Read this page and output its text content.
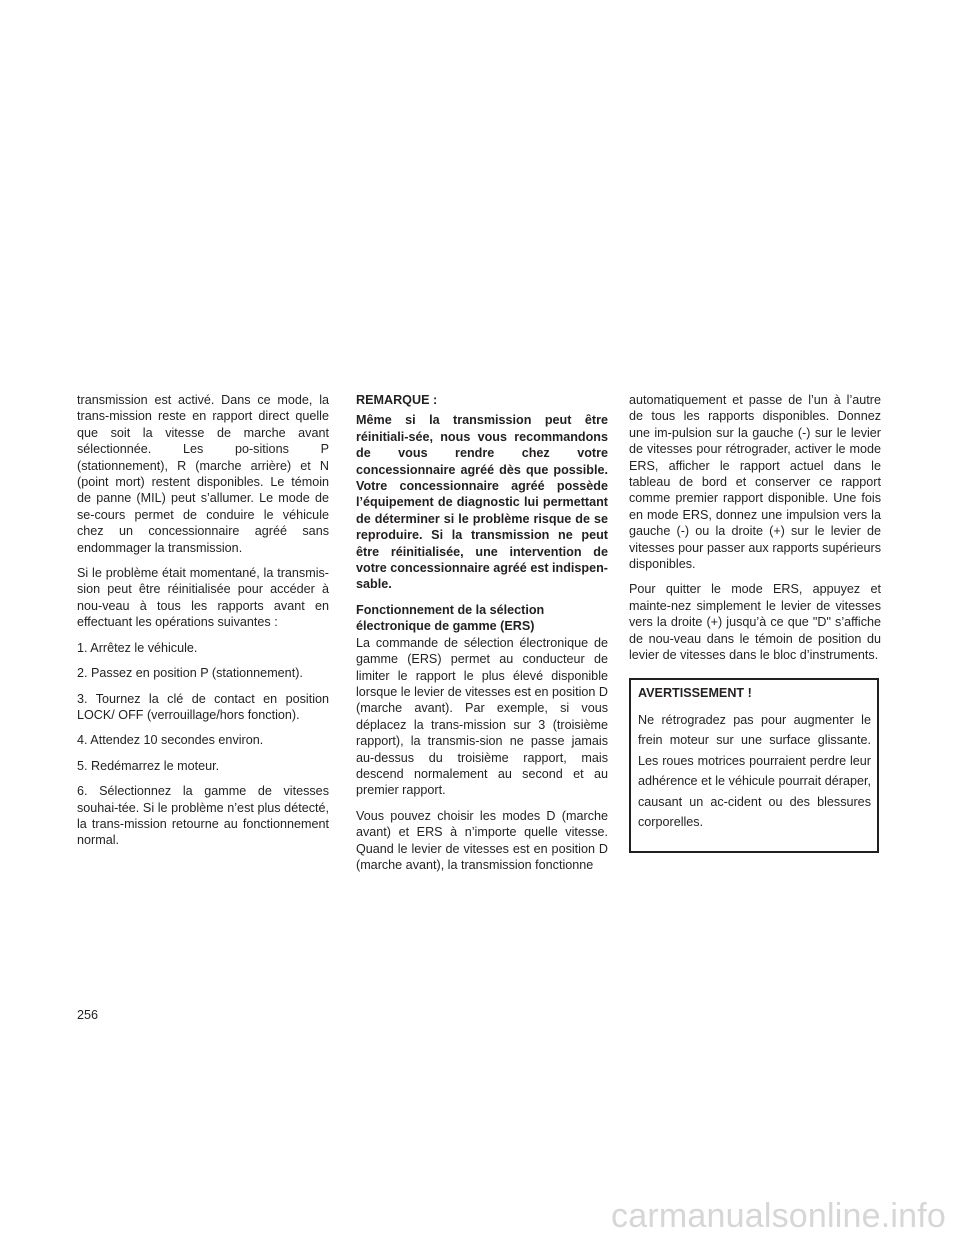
transmission est activé. Dans ce mode, la trans-mission reste en rapport direct quelle que soit la vitesse de marche avant sélectionnée. Les po-sitions P (stationnement), R (marche arrière) et N (point mort) restent disponibles. Le témoin de panne (MIL) peut s’allumer. Le mode de se-cours permet de conduire le véhicule chez un concessionnaire agréé sans endommager la transmission.

Si le problème était momentané, la transmis-sion peut être réinitialisée pour accéder à nou-veau à tous les rapports avant en effectuant les opérations suivantes :

1. Arrêtez le véhicule.

2. Passez en position P (stationnement).

3. Tournez la clé de contact en position LOCK/ OFF (verrouillage/hors fonction).

4. Attendez 10 secondes environ.

5. Redémarrez le moteur.

6. Sélectionnez la gamme de vitesses souhai-tée. Si le problème n’est plus détecté, la trans-mission retourne au fonctionnement normal.

REMARQUE :

Même si la transmission peut être réinitiali-sée, nous vous recommandons de vous rendre chez votre concessionnaire agréé dès que possible. Votre concessionnaire agréé possède l’équipement de diagnostic lui permettant de déterminer si le problème risque de se reproduire. Si la transmission ne peut être réinitialisée, une intervention de votre concessionnaire agréé est indispen-sable.

Fonctionnement de la sélection
électronique de gamme (ERS)

La commande de sélection électronique de gamme (ERS) permet au conducteur de limiter le rapport le plus élevé disponible lorsque le levier de vitesses est en position D (marche avant). Par exemple, si vous déplacez la trans-mission sur 3 (troisième rapport), la transmis-sion ne passe jamais au-dessus du troisième rapport, mais descend normalement au second et au premier rapport.

Vous pouvez choisir les modes D (marche avant) et ERS à n’importe quelle vitesse. Quand le levier de vitesses est en position D (marche avant), la transmission fonctionne

automatiquement et passe de l’un à l’autre de tous les rapports disponibles. Donnez une im-pulsion sur la gauche (-) sur le levier de vitesses pour rétrograder, activer le mode ERS, afficher le rapport actuel dans le tableau de bord et conserver ce rapport comme premier rapport disponible. Une fois en mode ERS, donnez une impulsion vers la gauche (-) ou la droite (+) sur le levier de vitesses pour passer aux rapports supérieurs disponibles.

Pour quitter le mode ERS, appuyez et mainte-nez simplement le levier de vitesses vers la droite (+) jusqu’à ce que "D" s’affiche de nou-veau dans le témoin de position du levier de vitesses dans le bloc d’instruments.

AVERTISSEMENT !

Ne rétrogradez pas pour augmenter le frein moteur sur une surface glissante. Les roues motrices pourraient perdre leur adhérence et le véhicule pourrait déraper, causant un ac-cident ou des blessures corporelles.

256
carmanualsonline.info
